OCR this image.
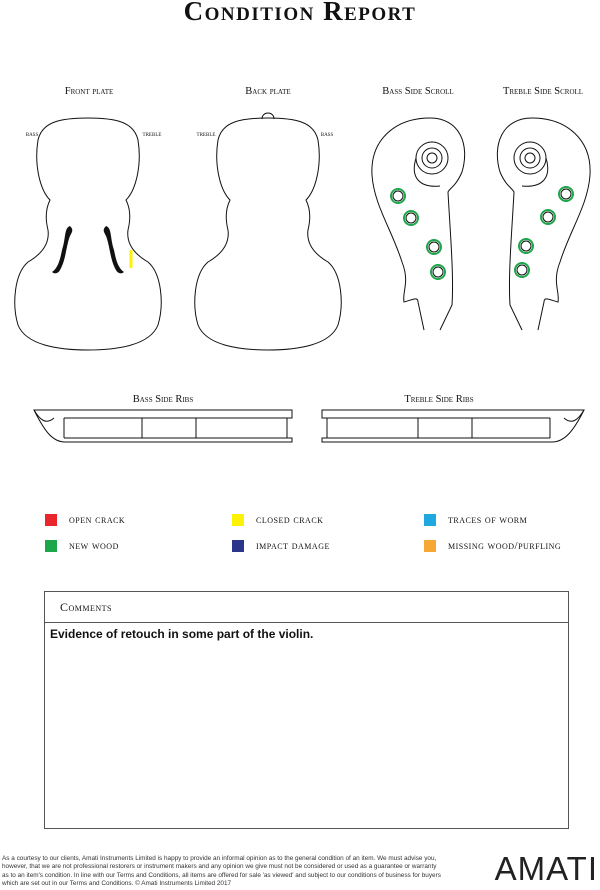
Condition Report
Front plate	Back plate	Bass Side Scroll	Treble Side Scroll
Bass Side Ribs	Treble Side Ribs
bass	treble	treble	bass
open crack	closed crack	traces of worm
new wood	impact damage	missing wood/purfling
Comments
Evidence of retouch in some part of the violin.
As a courtesy to our clients, Amati Instruments Limited is happy to provide an informal opinion as to the general condition of an item. We must advise you, however, that we are not professional restorers or instrument makers and any opinion we give must not be considered or used as a guarantee or warranty as to an item's condition. In line with our Terms and Conditions, all items are offered for sale 'as viewed' and subject to our conditions of business for buyers which are set out in our Terms and Conditions. © Amati Instruments Limited 2017	AMATI
